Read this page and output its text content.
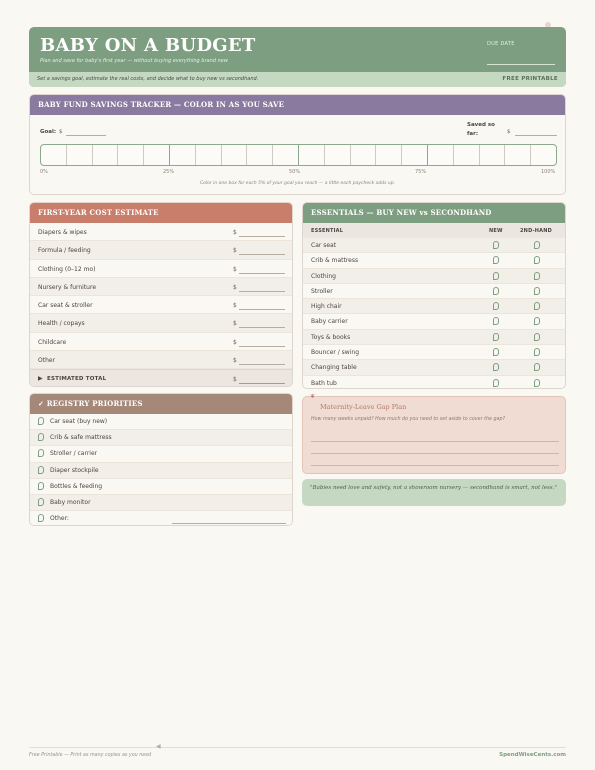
BABY ON A BUDGET
Plan and save for baby's first year — without buying everything brand new
DUE DATE
Set a savings goal, estimate the real costs, and decide what to buy new vs secondhand.	FREE PRINTABLE
BABY FUND SAVINGS TRACKER — COLOR IN AS YOU SAVE
Goal: $
Saved so far:	$
0%	25%	50%	75%	100%
Color in one box for each 5% of your goal you reach — a little each paycheck adds up.
FIRST-YEAR COST ESTIMATE
Diapers & wipes	$
Formula / feeding	$
Clothing (0–12 mo)	$
Nursery & furniture	$
Car seat & stroller	$
Health / copays	$
Childcare	$
Other	$
▶ ESTIMATED TOTAL	$
✓ REGISTRY PRIORITIES
Car seat (buy new)
Crib & safe mattress
Stroller / carrier
Diaper stockpile
Bottles & feeding
Baby monitor
Other:
ESSENTIALS — BUY NEW vs SECONDHAND
ESSENTIAL	NEW	2ND-HAND
Car seat
Crib & mattress
Clothing
Stroller
High chair
Baby carrier
Toys & books
Bouncer / swing
Changing table
Bath tub
Maternity-Leave Gap Plan
How many weeks unpaid? How much do you need to set aside to cover the gap?
❦
"Babies need love and safety, not a showroom nursery — secondhand is smart, not less."
◀
Free Printable — Print as many copies as you need	SpendWiseCents.com
